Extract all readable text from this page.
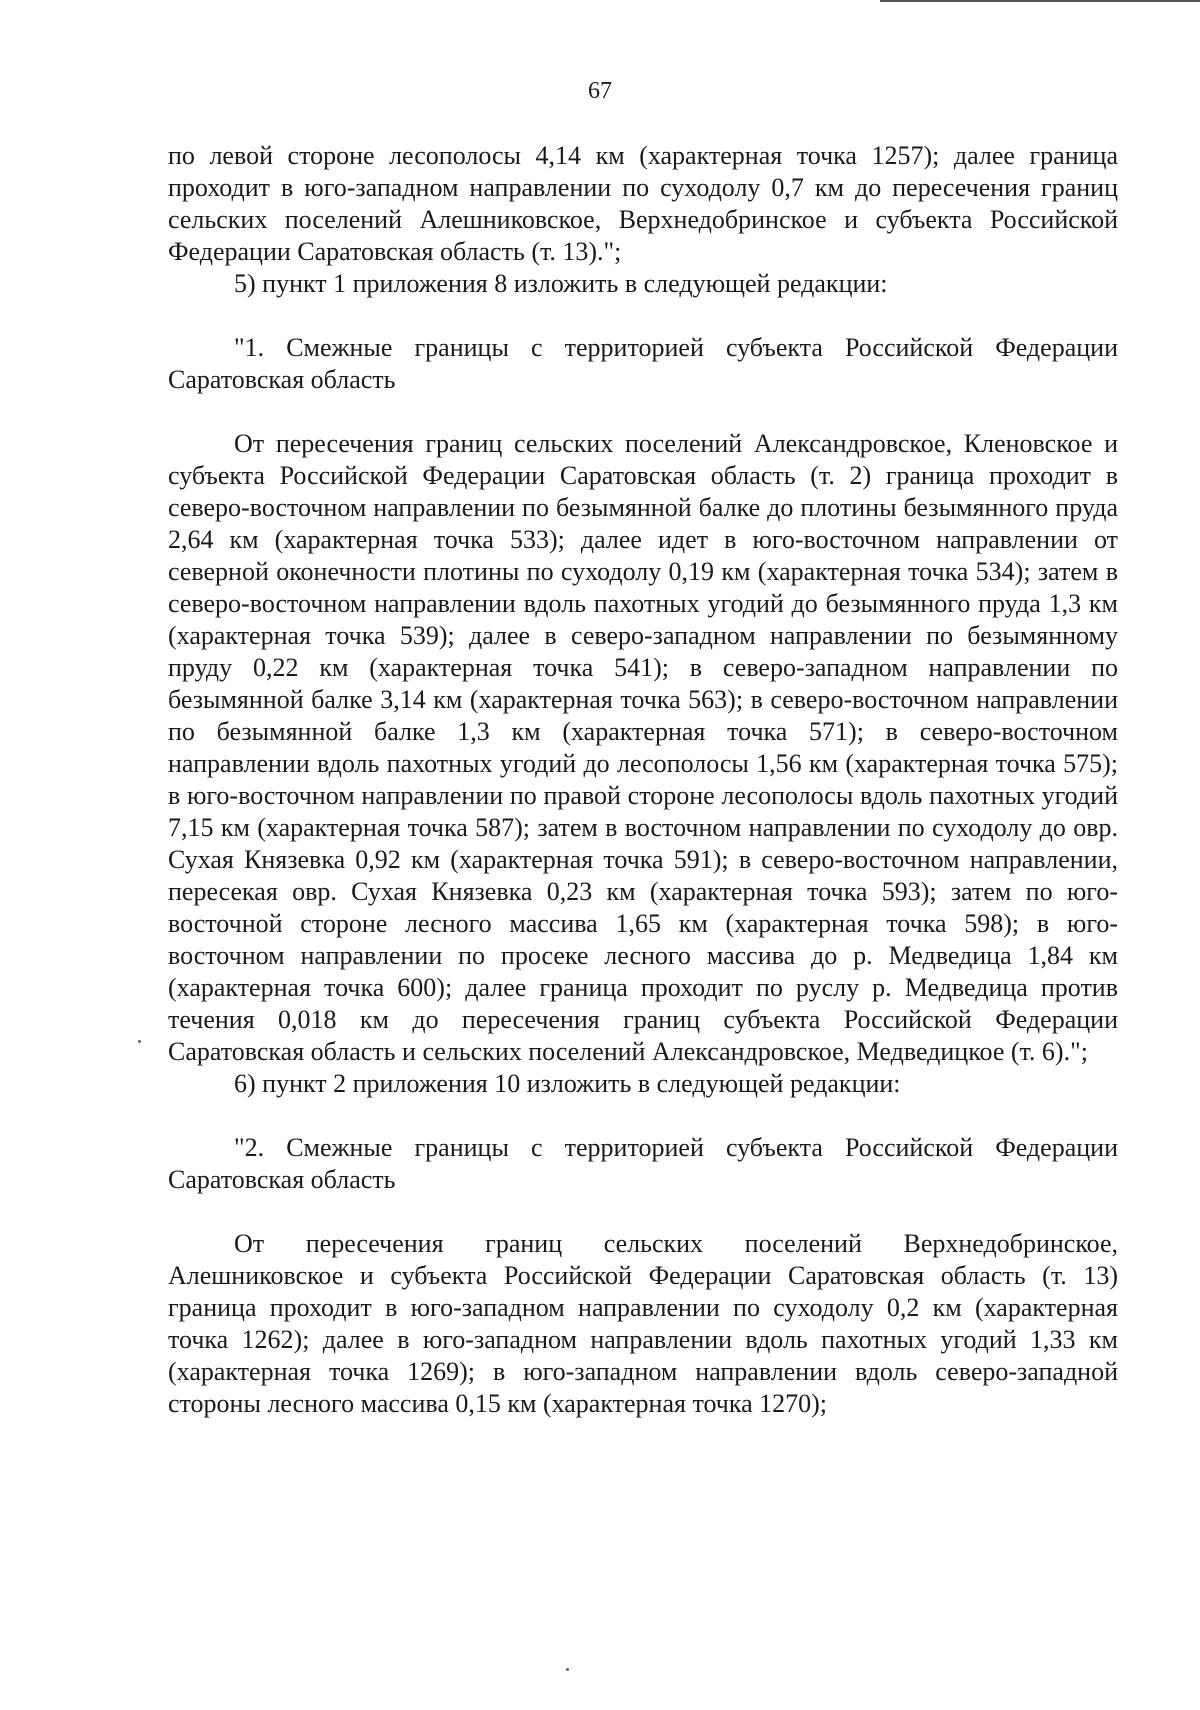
67

по левой стороне лесополосы 4,14 км (характерная точка 1257); далее граница проходит в юго-западном направлении по суходолу 0,7 км до пересечения границ сельских поселений Алешниковское, Верхнедобринское и субъекта Российской Федерации Саратовская область (т. 13).";

5) пункт 1 приложения 8 изложить в следующей редакции:

"1. Смежные границы с территорией субъекта Российской Федерации Саратовская область

От пересечения границ сельских поселений Александровское, Кленовское и субъекта Российской Федерации Саратовская область (т. 2) граница проходит в северо-восточном направлении по безымянной балке до плотины безымянного пруда 2,64 км (характерная точка 533); далее идет в юго-восточном направлении от северной оконечности плотины по суходолу 0,19 км (характерная точка 534); затем в северо-восточном направлении вдоль пахотных угодий до безымянного пруда 1,3 км (характерная точка 539); далее в северо-западном направлении по безымянному пруду 0,22 км (характерная точка 541); в северо-западном направлении по безымянной балке 3,14 км (характерная точка 563); в северо-восточном направлении по безымянной балке 1,3 км (характерная точка 571); в северо-восточном направлении вдоль пахотных угодий до лесополосы 1,56 км (характерная точка 575); в юго-восточном направлении по правой стороне лесополосы вдоль пахотных угодий 7,15 км (характерная точка 587); затем в восточном направлении по суходолу до овр. Сухая Князевка 0,92 км (характерная точка 591); в северо-восточном направлении, пересекая овр. Сухая Князевка 0,23 км (характерная точка 593); затем по юго-восточной стороне лесного массива 1,65 км (характерная точка 598); в юго-восточном направлении по просеке лесного массива до р. Медведица 1,84 км (характерная точка 600); далее граница проходит по руслу р. Медведица против течения 0,018 км до пересечения границ субъекта Российской Федерации Саратовская область и сельских поселений Александровское, Медведицкое (т. 6).";

6) пункт 2 приложения 10 изложить в следующей редакции:

"2. Смежные границы с территорией субъекта Российской Федерации Саратовская область

От пересечения границ сельских поселений Верхнедобринское, Алешниковское и субъекта Российской Федерации Саратовская область (т. 13) граница проходит в юго-западном направлении по суходолу 0,2 км (характерная точка 1262); далее в юго-западном направлении вдоль пахотных угодий 1,33 км (характерная точка 1269); в юго-западном направлении вдоль северо-западной стороны лесного массива 0,15 км (характерная точка 1270);
